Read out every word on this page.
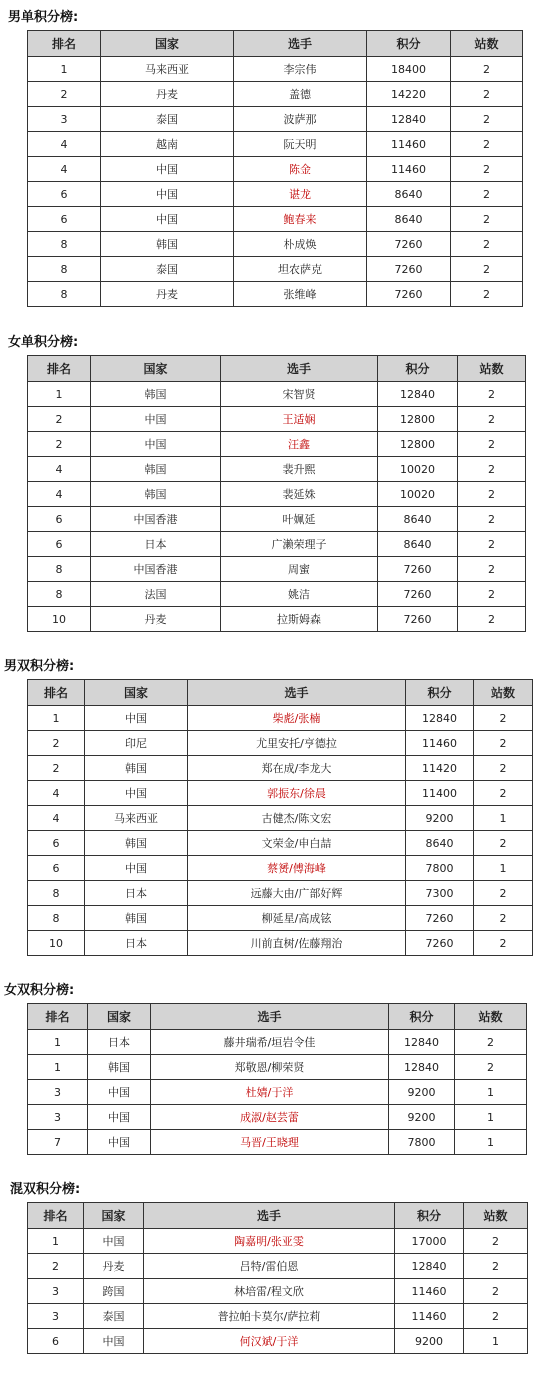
男单积分榜:
排名	国家	选手	积分	站数
1	马来西亚	李宗伟	18400	2
2	丹麦	盖德	14220	2
3	泰国	波萨那	12840	2
4	越南	阮天明	11460	2
4	中国	陈金	11460	2
6	中国	谌龙	8640	2
6	中国	鲍春来	8640	2
8	韩国	朴成焕	7260	2
8	泰国	坦农萨克	7260	2
8	丹麦	张维峰	7260	2
女单积分榜:
排名	国家	选手	积分	站数
1	韩国	宋智贤	12840	2
2	中国	王适娴	12800	2
2	中国	汪鑫	12800	2
4	韩国	裴升熙	10020	2
4	韩国	裴延姝	10020	2
6	中国香港	叶姵延	8640	2
6	日本	广濑荣理子	8640	2
8	中国香港	周蜜	7260	2
8	法国	姚洁	7260	2
10	丹麦	拉斯姆森	7260	2
男双积分榜:
排名	国家	选手	积分	站数
1	中国	柴彪/张楠	12840	2
2	印尼	尤里安托/亨德拉	11460	2
2	韩国	郑在成/李龙大	11420	2
4	中国	郭振东/徐晨	11400	2
4	马来西亚	古健杰/陈文宏	9200	1
6	韩国	文荣金/申白喆	8640	2
6	中国	蔡赟/傅海峰	7800	1
8	日本	远藤大由/广部好辉	7300	2
8	韩国	柳延星/高成铉	7260	2
10	日本	川前直树/佐藤翔治	7260	2
女双积分榜:
排名	国家	选手	积分	站数
1	日本	藤井瑞希/垣岩令佳	12840	2
1	韩国	郑敬恩/柳荣贤	12840	2
3	中国	杜婧/于洋	9200	1
3	中国	成淑/赵芸蕾	9200	1
7	中国	马晋/王晓理	7800	1
混双积分榜:
排名	国家	选手	积分	站数
1	中国	陶嘉明/张亚雯	17000	2
2	丹麦	吕特/雷伯恩	12840	2
3	跨国	林培雷/程文欣	11460	2
3	泰国	普拉帕卡莫尔/萨拉莉	11460	2
6	中国	何汉斌/于洋	9200	1
